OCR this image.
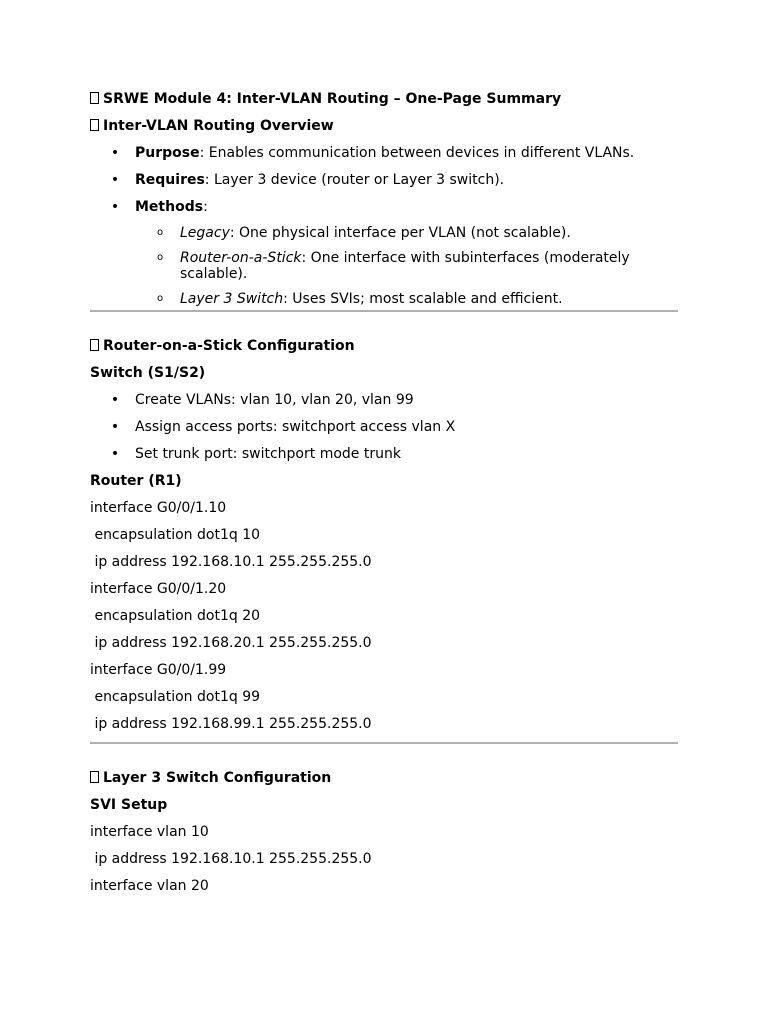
SRWE Module 4: Inter-VLAN Routing – One-Page Summary
Inter-VLAN Routing Overview
• Purpose: Enables communication between devices in different VLANs.
• Requires: Layer 3 device (router or Layer 3 switch).
• Methods:
o Legacy: One physical interface per VLAN (not scalable).
o Router-on-a-Stick: One interface with subinterfaces (moderately scalable).
o Layer 3 Switch: Uses SVIs; most scalable and efficient.
Router-on-a-Stick Configuration
Switch (S1/S2)
• Create VLANs: vlan 10, vlan 20, vlan 99
• Assign access ports: switchport access vlan X
• Set trunk port: switchport mode trunk
Router (R1)
interface G0/0/1.10
encapsulation dot1q 10
ip address 192.168.10.1 255.255.255.0
interface G0/0/1.20
encapsulation dot1q 20
ip address 192.168.20.1 255.255.255.0
interface G0/0/1.99
encapsulation dot1q 99
ip address 192.168.99.1 255.255.255.0
Layer 3 Switch Configuration
SVI Setup
interface vlan 10
ip address 192.168.10.1 255.255.255.0
interface vlan 20
